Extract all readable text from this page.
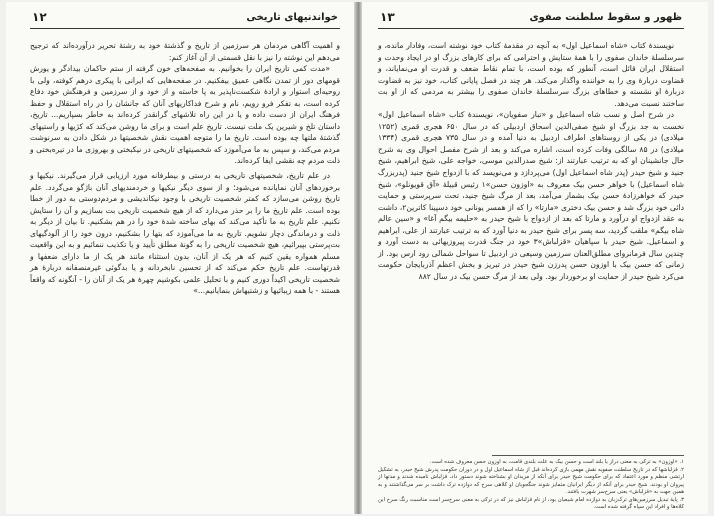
خواندنیهای تاریخی
۱۲

و اهمیت آگاهی مردمان هر سرزمین از تاریخ و گذشتهٔ خود به رشتهٔ تحریر درآورده‌اند که ترجیح می‌دهم این نوشته را نیز با نقل قسمتی از آن آغاز کنم:

«مدت کمی تاریخ ایران را بخوانیم. به صفحه‌های خون گرفته از ستم حاکمان بیدادگر و یورش قومهای دور از تمدن نگاهی عمیق بیفکنیم. در صفحه‌هایی که ایرانی با پیکری درهم کوفته، ولی با روحیه‌ای استوار و ارادهٔ شکست‌ناپذیر به پا خاسته و از خود و از سرزمین و فرهنگش خود دفاع کرده است، به تفکر فرو رویم، نام و شرح فداکاریهای آنان که جانشان را در راه استقلال و حفظ فرهنگ ایران از دست داده و یا در این راه تلاشهای گرانقدر کرده‌اند به خاطر بسپاریم... تاریخ، داستان تلخ و شیرین یک ملت نیست. تاریخ علم است و برای ما روشن می‌کند که کژیها و راستیهای گذشتهٔ ملتها چه بوده است. تاریخ ما را متوجه اهمیت نقش شخصیتها در شکل دادن به سرنوشت مردم می‌کند، و سپس به ما می‌آموزد که شخصیتهای تاریخی در نیکبختی و بهروزی ما در تیره‌بختی و ذلت مردم چه نقشی ایفا کرده‌اند.

در علم تاریخ، شخصیتهای تاریخی به درستی و بیطرفانه مورد ارزیابی قرار می‌گیرند. نیکیها و برخوردهای آنان نمایانده می‌شود؛ و از سوی دیگر نیکیها و خردمندیهای آنان باژگو می‌گردد. علم تاریخ روشن می‌سازد که کمتر شخصیت تاریخی با وجود نیکاندیشی و مردم‌دوستی به دور از خطا بوده است. علم تاریخ ما را بر حذر می‌دارد که از هیچ شخصیت تاریخی بت بسازیم و آن را ستایش نکنیم. علم تاریخ به ما تأکید می‌کند که بهای ساخته شدهٔ خود را در هم بشکنیم. تا بیان از دیگر به ذلت و درماندگی دچار نشویم. تاریخ به ما می‌آموزد که بتها را بشکنیم، درون خود را از آلودگیهای بت‌پرستی بپیرائیم، هیچ شخصیت تاریخی را به گونهٔ مطلق تأیید و یا تکذیب ننمائیم و به این واقعیت مسلم همواره یقین کنیم که هر یک از آنان، بدون استثناء مانند هر یک از ما دارای ضعفها و قدرتهاست. علم تاریخ حکم می‌کند که از تحسین نابخردانه و یا بدگوئی غیرمنصفانه دربارهٔ هر شخصیت تاریخی اکیداً دوری کنیم و با تحلیل علمی بکوشیم چهرهٔ هر یک از آنان را - آنگونه که واقعاً هستند - با همه زیبائیها و زشتیهاش بنمایانیم...»

ظهور و سقوط سلطنت صفوی
۱۳

نویسندهٔ کتاب «شاه اسماعیل اول» به آنچه در مقدمهٔ کتاب خود نوشته است، وفادار مانده، و سرسلسلهٔ خاندان صفوی را با همهٔ ستایش و احترامی که برای کارهای بزرگ او در ایجاد وحدت و استقلال ایران قائل است، آنطور که بوده است، با تمام نقاط ضعف و قدرت او می‌نمایاند، و قضاوت دربارهٔ وی را به خواننده واگذار می‌کند. هر چند در فصل پایانی کتاب، خود نیز به قضاوت دربارهٔ او نشسته و خطاهای بزرگ سرسلسلهٔ خاندان صفوی را بیشتر به مردمی که از او بت ساختند نسبت می‌دهد.

در شرح اصل و نسب شاه اسماعیل و «تبار صفویان»، نویسندهٔ کتاب «شاه اسماعیل اول» نخست به جد بزرگ او شیخ صفی‌الدین اسحاق اردبیلی که در سال ۶۵۰ هجری قمری (۱۲۵۲ میلادی) در یکی از روستاهای اطراف اردبیل به دنیا آمده و در سال ۷۳۵ هجری قمری (۱۳۳۴ میلادی) در ۸۵ سالگی وفات کرده است، اشاره می‌کند و بعد از شرح مفصل احوال وی به شرح حال جانشینان او که به ترتیب عبارتند از: شیخ صدرالدین موسی، خواجه علی، شیخ ابراهیم، شیخ جنید و شیخ حیدر (پدر شاه اسماعیل اول) می‌پردازد و می‌نویسد که با ازدواج شیخ جنید (پدربزرگ شاه اسماعیل) با خواهر حسن بیک معروف به «اوزون حسن»۱ رئیس قبیلهٔ «آق قویونلو»، شیخ حیدر که خواهرزادهٔ حسن بیک بشمار می‌آمد، بعد از مرگ شیخ جنید، تحت سرپرستی و حمایت دائی خود بزرگ شد و حسن بیک دختری «مارتا» را که از همسر یونانی خود دسپینا کاترین۲، داشت به عقد ازدواج او درآورد و مارتا که بعد از ازدواج با شیخ حیدر به «حلیمه بیگم آغا» و «سین عالم شاه بیگم» ملقب گردید، سه پسر برای شیخ حیدر به دنیا آورد که به ترتیب عبارتند از علی، ابراهیم و اسماعیل. شیخ حیدر با سپاهیان «قزلباش»۳ خود در جنگ قدرت پیروزیهائی به دست آورد و چندین سال فرمانروای مطلق‌العنان سرزمین وسیعی در اردبیل تا سواحل شمالی رود ارس بود. از زمانی که حسن بیک با اوزون حسن پدرزن شیخ حیدر در تبریز و بخش اعظم آذربایجان حکومت می‌کرد شیخ حیدر از حمایت او برخوردار بود. ولی بعد از مرگ حسن بیک در سال ۸۸۲

۱. «اوزون» به ترکی به معنی دراز یا بلند است و حسن بیک به علت بلندی قامت، به اوزون حسن معروف شده است.

۲. قزلباشها که در تاریخ سلطنت صفویه نقش مهمی بازی کرده‌اند قبل از شاه اسماعیل اول و در دوران حکومت پدرش شیخ حیدر، به تشکیل ارتشی منظم و مورد اعتماد که برای حکومت شیخ حیدر برای آنکه از مریدان او بشناخته شوند دستور داد، قزلباش نامیده شدند و مدتها از پیروان او بودند. شیخ حیدر برای آنکه از دیگر ایرانیان متمایز شوند جنگجویان او کلاهی سرخ که دوازده ترک داشت بر سر می‌گذاشتند و به همین جهت به «قزلباش» یعنی سرخ‌سر شهرت یافتند.

۳. پایهٔ تبدیل سرزمین‌های ترک‌زبان به دوازده امام شیعیان بود، از نام قزلباش نیز که در ترکی به معنی سرخ‌سر است مناسبت رنگ سرخ این کلاه‌ها و افراد این سپاه گرفته شده است.
